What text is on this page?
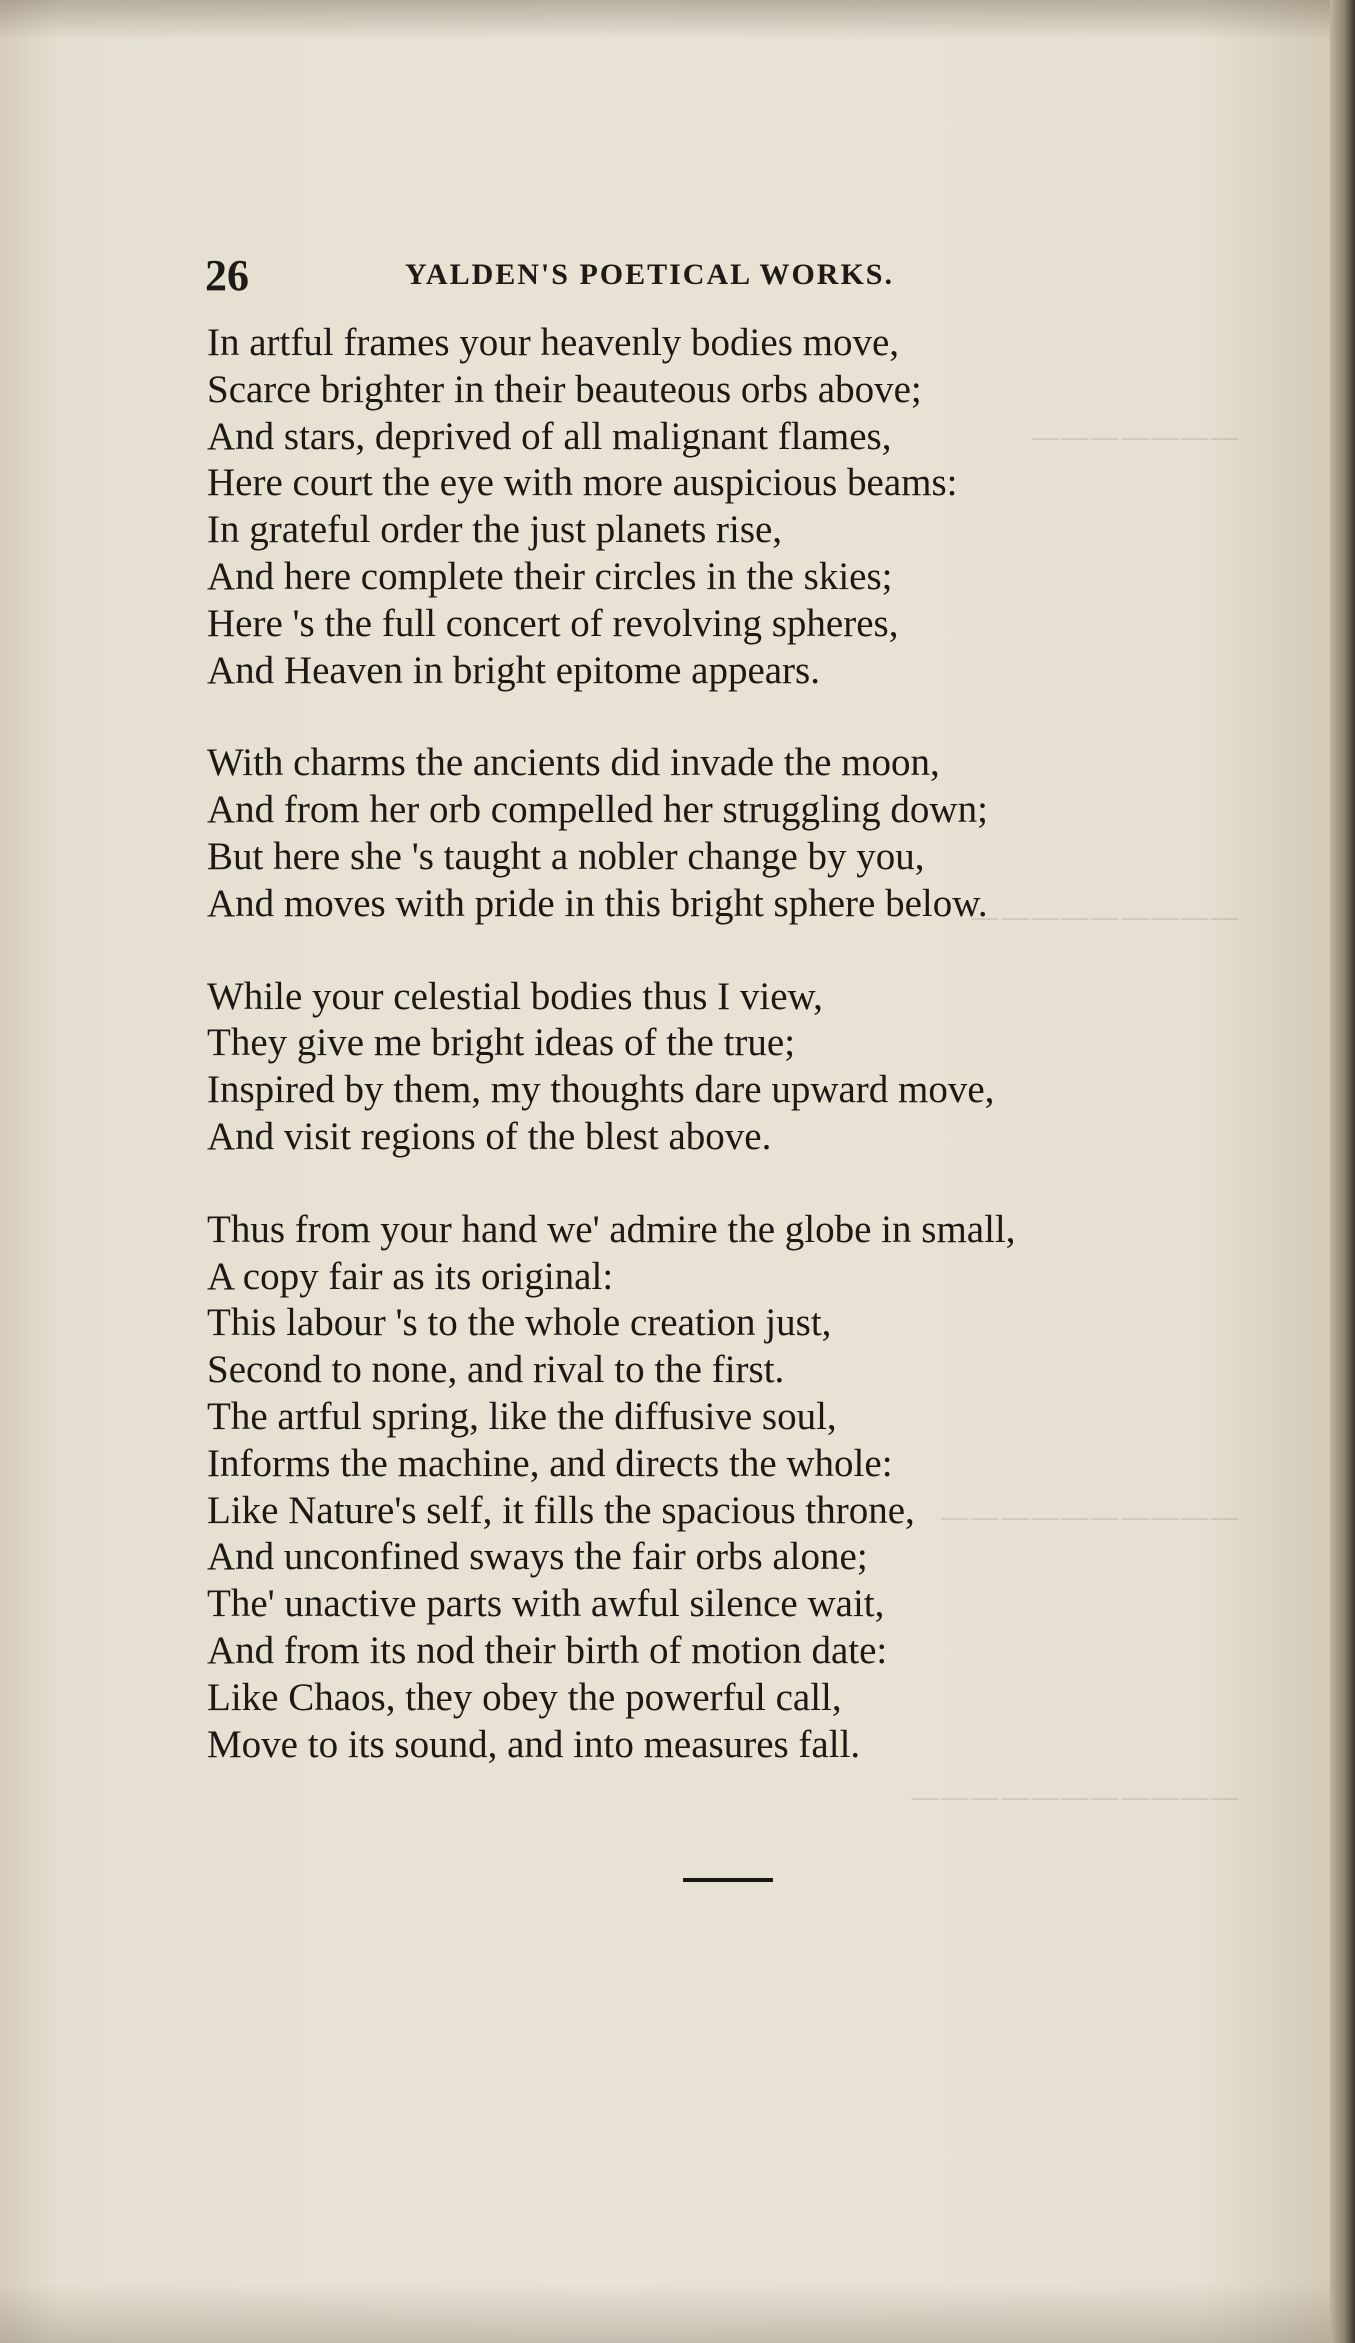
———————
—————————
——————————
———————————
26	YALDEN'S POETICAL WORKS.
In artful frames your heavenly bodies move,
Scarce brighter in their beauteous orbs above;
And stars, deprived of all malignant flames,
Here court the eye with more auspicious beams:
In grateful order the just planets rise,
And here complete their circles in the skies;
Here 's the full concert of revolving spheres,
And Heaven in bright epitome appears.
With charms the ancients did invade the moon,
And from her orb compelled her struggling down;
But here she 's taught a nobler change by you,
And moves with pride in this bright sphere below.
While your celestial bodies thus I view,
They give me bright ideas of the true;
Inspired by them, my thoughts dare upward move,
And visit regions of the blest above.
Thus from your hand we' admire the globe in small,
A copy fair as its original:
This labour 's to the whole creation just,
Second to none, and rival to the first.
The artful spring, like the diffusive soul,
Informs the machine, and directs the whole:
Like Nature's self, it fills the spacious throne,
And unconfined sways the fair orbs alone;
The' unactive parts with awful silence wait,
And from its nod their birth of motion date:
Like Chaos, they obey the powerful call,
Move to its sound, and into measures fall.
